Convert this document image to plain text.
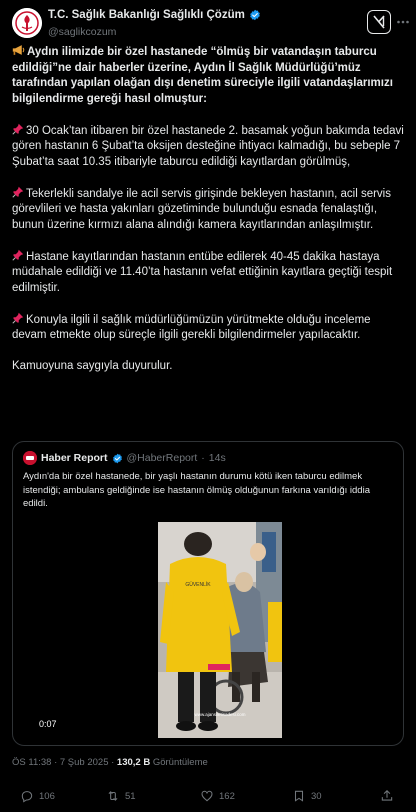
T.C. Sağlık Bakanlığı Sağlıklı Çözüm
@saglikcozum

Aydın ilimizde bir özel hastanede “ölmüş bir vatandaşın taburcu edildiği”ne dair haberler üzerine, Aydın İl Sağlık Müdürlüğü’müz tarafından yapılan olağan dışı denetim süreciyle ilgili vatandaşlarımızı bilgilendirme gereği hasıl olmuştur:

30 Ocak’tan itibaren bir özel hastanede 2. basamak yoğun bakımda tedavi gören hastanın 6 Şubat’ta oksijen desteğine ihtiyacı kalmadığı, bu sebeple 7 Şubat’ta saat 10.35 itibariyle taburcu edildiği kayıtlardan görülmüş,

Tekerlekli sandalye ile acil servis girişinde bekleyen hastanın, acil servis görevlileri ve hasta yakınları gözetiminde bulunduğu esnada fenalaştığı, bunun üzerine kırmızı alana alındığı kamera kayıtlarından anlaşılmıştır.

Hastane kayıtlarından hastanın entübe edilerek 40-45 dakika hastaya müdahale edildiği ve 11.40’ta hastanın vefat ettiğinin kayıtlara geçtiği tespit edilmiştir.

Konuyla ilgili il sağlık müdürlüğümüzün yürütmekte olduğu inceleme devam etmekte olup süreçle ilgili gerekli bilgilendirmeler yapılacaktır.

Kamuoyuna saygıyla duyurulur.

Haber Report @HaberReport · 14s
Aydın'da bir özel hastanede, bir yaşlı hastanın durumu kötü iken taburcu edilmek istendiği; ambulans geldiğinde ise hastanın ölmüş olduğunun farkına varıldığı iddia edildi.
GÜVENLİK
www.ajansiletisadesi.com
0:07
ÖS 11:38 · 7 Şub 2025 · 130,2 B Görüntüleme
106	51	162	30
